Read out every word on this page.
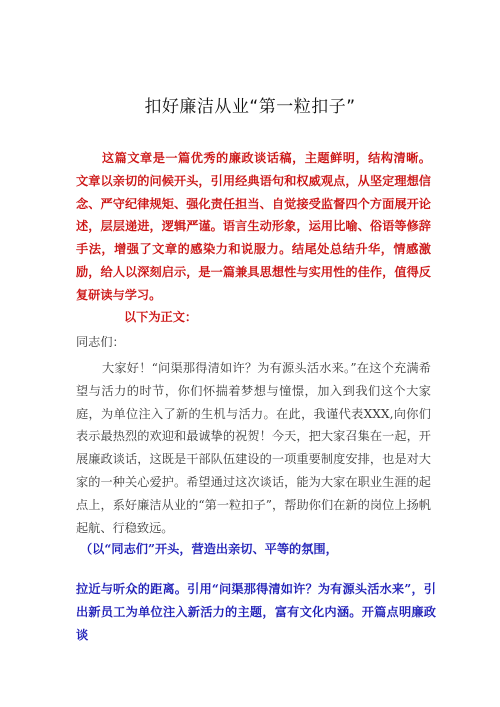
扣好廉洁从业“第一粒扣子”
这篇文章是一篇优秀的廉政谈话稿，主题鲜明，结构清晰。文章以亲切的问候开头，引用经典语句和权威观点，从坚定理想信念、严守纪律规矩、强化责任担当、自觉接受监督四个方面展开论述，层层递进，逻辑严谨。语言生动形象，运用比喻、俗语等修辞手法，增强了文章的感染力和说服力。结尾处总结升华，情感激励，给人以深刻启示，是一篇兼具思想性与实用性的佳作，值得反复研读与学习。
以下为正文：
同志们：
大家好！“问渠那得清如许？为有源头活水来。”在这个充满希望与活力的时节，你们怀揣着梦想与憧憬，加入到我们这个大家庭，为单位注入了新的生机与活力。在此，我谨代表XXX,向你们表示最热烈的欢迎和最诚挚的祝贺！今天，把大家召集在一起，开展廉政谈话，这既是干部队伍建设的一项重要制度安排，也是对大家的一种关心爱护。希望通过这次谈话，能为大家在职业生涯的起点上，系好廉洁从业的“第一粒扣子”，帮助你们在新的岗位上扬帆起航、行稳致远。
（以“同志们”开头，营造出亲切、平等的氛围，
拉近与听众的距离。引用“问渠那得清如许？为有源头活水来”，引出新员工为单位注入新活力的主题，富有文化内涵。开篇点明廉政谈
